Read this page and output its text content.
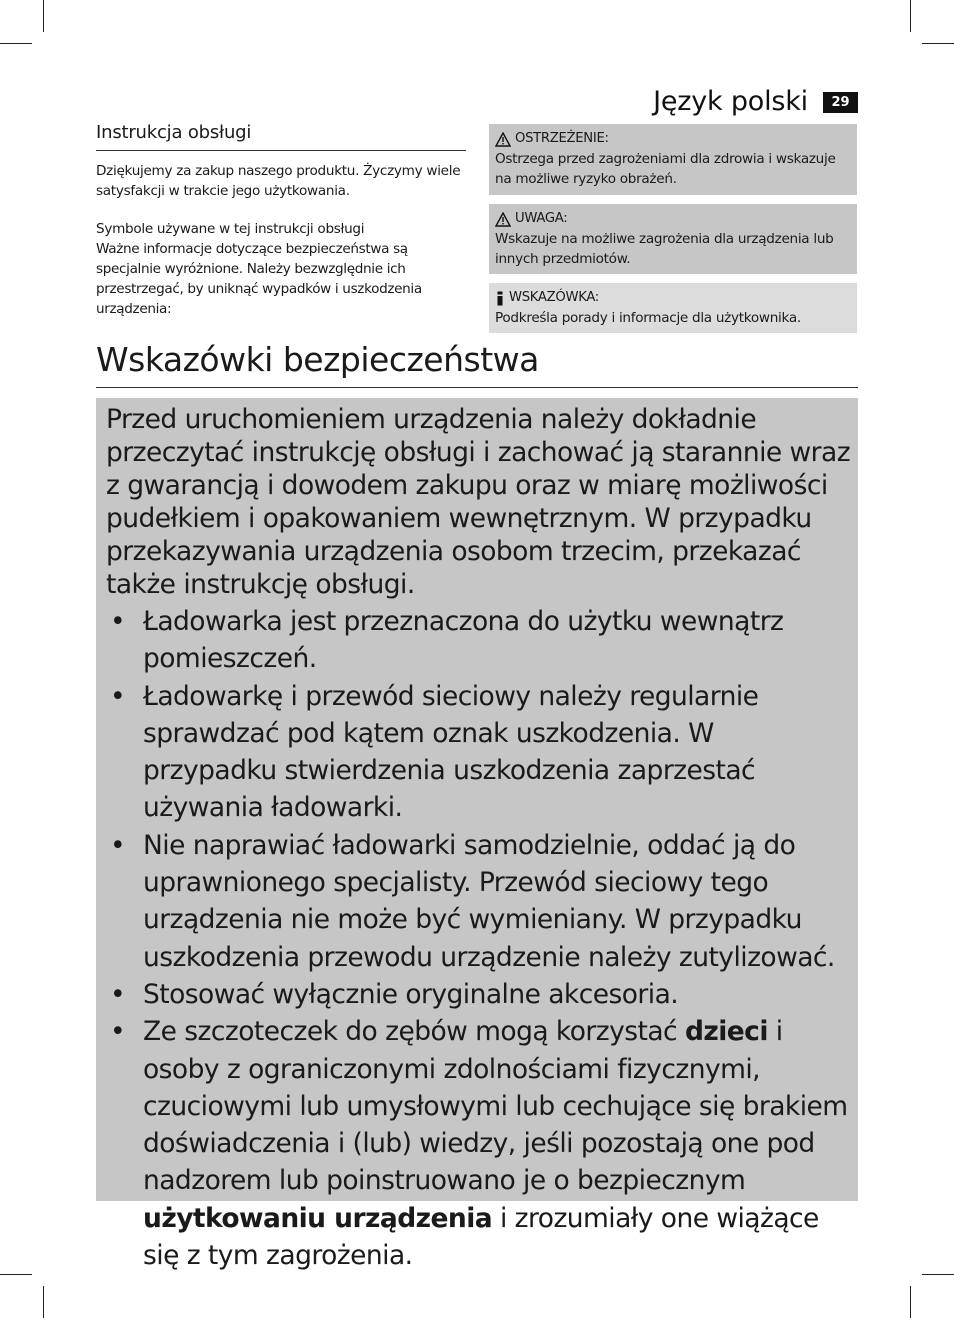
Język polski	29
Instrukcja obsługi

Dziękujemy za zakup naszego produktu. Życzymy wiele satysfakcji w trakcie jego użytkowania.

Symbole używane w tej instrukcji obsługi

Ważne informacje dotyczące bezpieczeństwa są specjalnie wyróżnione. Należy bezwzględnie ich przestrzegać, by uniknąć wypadków i uszkodzenia urządzenia:

OSTRZEŻENIE:
Ostrzega przed zagrożeniami dla zdrowia i wskazuje na możliwe ryzyko obrażeń.
UWAGA:
Wskazuje na możliwe zagrożenia dla urządzenia lub innych przedmiotów.
WSKAZÓWKA:
Podkreśla porady i informacje dla użytkownika.
Wskazówki bezpieczeństwa

Przed uruchomieniem urządzenia należy dokładnie przeczytać instrukcję obsługi i zachować ją starannie wraz z gwarancją i dowodem zakupu oraz w miarę możliwości pudełkiem i opakowaniem wewnętrznym. W przypadku przekazywania urządzenia osobom trzecim, przekazać także instrukcję obsługi.

• Ładowarka jest przeznaczona do użytku wewnątrz pomieszczeń.
• Ładowarkę i przewód sieciowy należy regularnie sprawdzać pod kątem oznak uszkodzenia. W przypadku stwierdzenia uszkodzenia zaprzestać używania ładowarki.
• Nie naprawiać ładowarki samodzielnie, oddać ją do uprawnionego specjalisty. Przewód sieciowy tego urządzenia nie może być wymieniany. W przypadku uszkodzenia przewodu urządzenie należy zutylizować.
• Stosować wyłącznie oryginalne akcesoria.
• Ze szczoteczek do zębów mogą korzystać dzieci i osoby z ograniczonymi zdolnościami fizycznymi, czuciowymi lub umysłowymi lub cechujące się brakiem doświadczenia i (lub) wiedzy, jeśli pozostają one pod nadzorem lub poinstruowano je o bezpiecznym użytkowaniu urządzenia i zrozumiały one wiążące się z tym zagrożenia.
